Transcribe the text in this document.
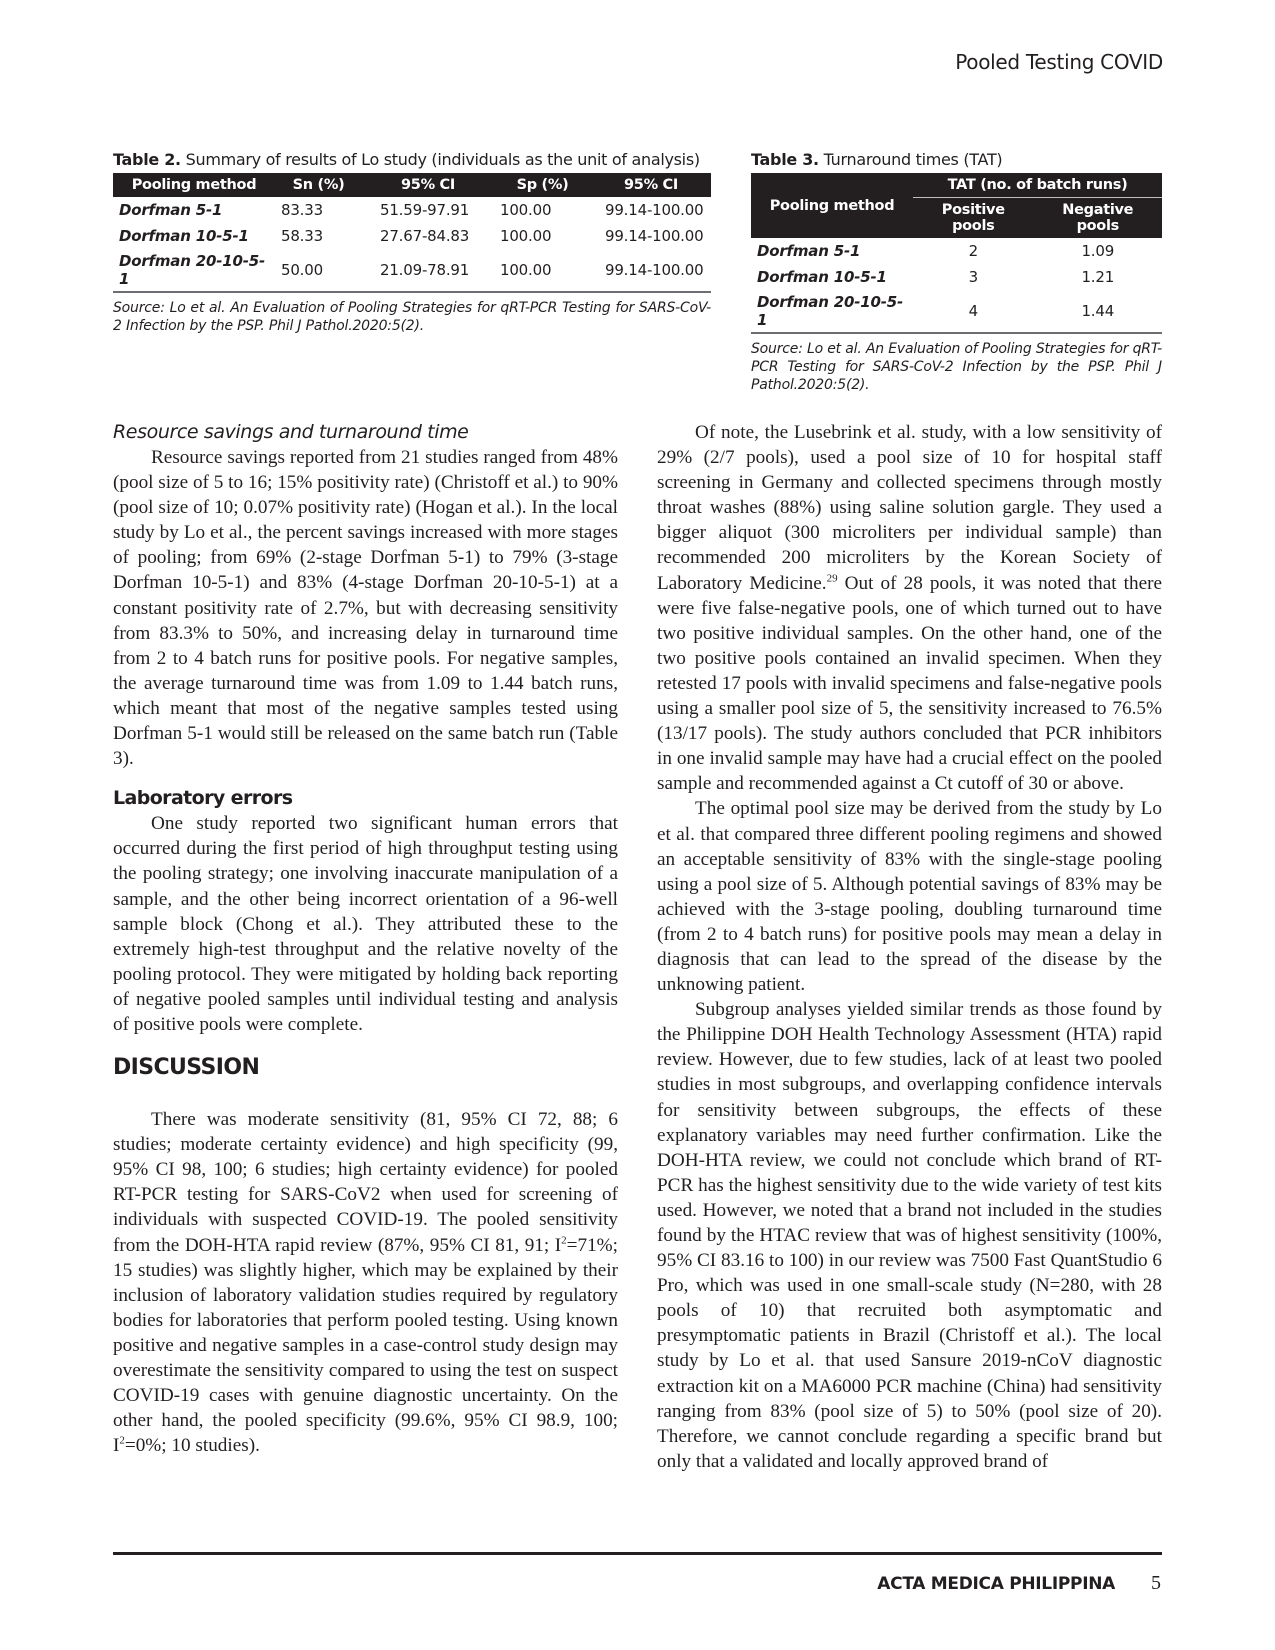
Pooled Testing COVID
Table 2. Summary of results of Lo study (individuals as the unit of analysis)
Pooling method	Sn (%)	95% CI	Sp (%)	95% CI
Dorfman 5-1	83.33	51.59-97.91	100.00	99.14-100.00
Dorfman 10-5-1	58.33	27.67-84.83	100.00	99.14-100.00
Dorfman 20-10-5-1	50.00	21.09-78.91	100.00	99.14-100.00
Source: Lo et al. An Evaluation of Pooling Strategies for qRT-PCR Testing for SARS-CoV-2 Infection by the PSP. Phil J Pathol.2020:5(2).
Table 3. Turnaround times (TAT)
Pooling method	TAT (no. of batch runs)	
	Positive pools	Negative pools
Dorfman 5-1	2	1.09
Dorfman 10-5-1	3	1.21
Dorfman 20-10-5-1	4	1.44
Source: Lo et al. An Evaluation of Pooling Strategies for qRT-PCR Testing for SARS-CoV-2 Infection by the PSP. Phil J Pathol.2020:5(2).
Resource savings and turnaround time

Resource savings reported from 21 studies ranged from 48% (pool size of 5 to 16; 15% positivity rate) (Christoff et al.) to 90% (pool size of 10; 0.07% positivity rate) (Hogan et al.). In the local study by Lo et al., the percent savings increased with more stages of pooling; from 69% (2-stage Dorfman 5-1) to 79% (3-stage Dorfman 10-5-1) and 83% (4-stage Dorfman 20-10-5-1) at a constant positivity rate of 2.7%, but with decreasing sensitivity from 83.3% to 50%, and increasing delay in turnaround time from 2 to 4 batch runs for positive pools. For negative samples, the average turnaround time was from 1.09 to 1.44 batch runs, which meant that most of the negative samples tested using Dorfman 5-1 would still be released on the same batch run (Table 3).

Laboratory errors

One study reported two significant human errors that occurred during the first period of high throughput testing using the pooling strategy; one involving inaccurate manipulation of a sample, and the other being incorrect orientation of a 96-well sample block (Chong et al.). They attributed these to the extremely high-test throughput and the relative novelty of the pooling protocol. They were mitigated by holding back reporting of negative pooled samples until individual testing and analysis of positive pools were complete.

DISCUSSION

There was moderate sensitivity (81, 95% CI 72, 88; 6 studies; moderate certainty evidence) and high specificity (99, 95% CI 98, 100; 6 studies; high certainty evidence) for pooled RT-PCR testing for SARS-CoV2 when used for screening of individuals with suspected COVID-19. The pooled sensitivity from the DOH-HTA rapid review (87%, 95% CI 81, 91; $I^2=71\%$; 15 studies) was slightly higher, which may be explained by their inclusion of laboratory validation studies required by regulatory bodies for laboratories that perform pooled testing. Using known positive and negative samples in a case-control study design may overestimate the sensitivity compared to using the test on suspect COVID-19 cases with genuine diagnostic uncertainty. On the other hand, the pooled specificity (99.6%, 95% CI 98.9, 100; $I^2=0\%$; 10 studies).

Of note, the Lusebrink et al. study, with a low sensitivity of 29% (2/7 pools), used a pool size of 10 for hospital staff screening in Germany and collected specimens through mostly throat washes (88%) using saline solution gargle. They used a bigger aliquot (300 microliters per individual sample) than recommended 200 microliters by the Korean Society of Laboratory Medicine.$^{29}$ Out of 28 pools, it was noted that there were five false-negative pools, one of which turned out to have two positive individual samples. On the other hand, one of the two positive pools contained an invalid specimen. When they retested 17 pools with invalid specimens and false-negative pools using a smaller pool size of 5, the sensitivity increased to 76.5% (13/17 pools). The study authors concluded that PCR inhibitors in one invalid sample may have had a crucial effect on the pooled sample and recommended against a Ct cutoff of 30 or above.

The optimal pool size may be derived from the study by Lo et al. that compared three different pooling regimens and showed an acceptable sensitivity of 83% with the single-stage pooling using a pool size of 5. Although potential savings of 83% may be achieved with the 3-stage pooling, doubling turnaround time (from 2 to 4 batch runs) for positive pools may mean a delay in diagnosis that can lead to the spread of the disease by the unknowing patient.

Subgroup analyses yielded similar trends as those found by the Philippine DOH Health Technology Assessment (HTA) rapid review. However, due to few studies, lack of at least two pooled studies in most subgroups, and overlapping confidence intervals for sensitivity between subgroups, the effects of these explanatory variables may need further confirmation. Like the DOH-HTA review, we could not conclude which brand of RT-PCR has the highest sensitivity due to the wide variety of test kits used. However, we noted that a brand not included in the studies found by the HTAC review that was of highest sensitivity (100%, 95% CI 83.16 to 100) in our review was 7500 Fast QuantStudio 6 Pro, which was used in one small-scale study (N=280, with 28 pools of 10) that recruited both asymptomatic and presymptomatic patients in Brazil (Christoff et al.). The local study by Lo et al. that used Sansure 2019-nCoV diagnostic extraction kit on a MA6000 PCR machine (China) had sensitivity ranging from 83% (pool size of 5) to 50% (pool size of 20). Therefore, we cannot conclude regarding a specific brand but only that a validated and locally approved brand of

ACTA MEDICA PHILIPPINA 5
